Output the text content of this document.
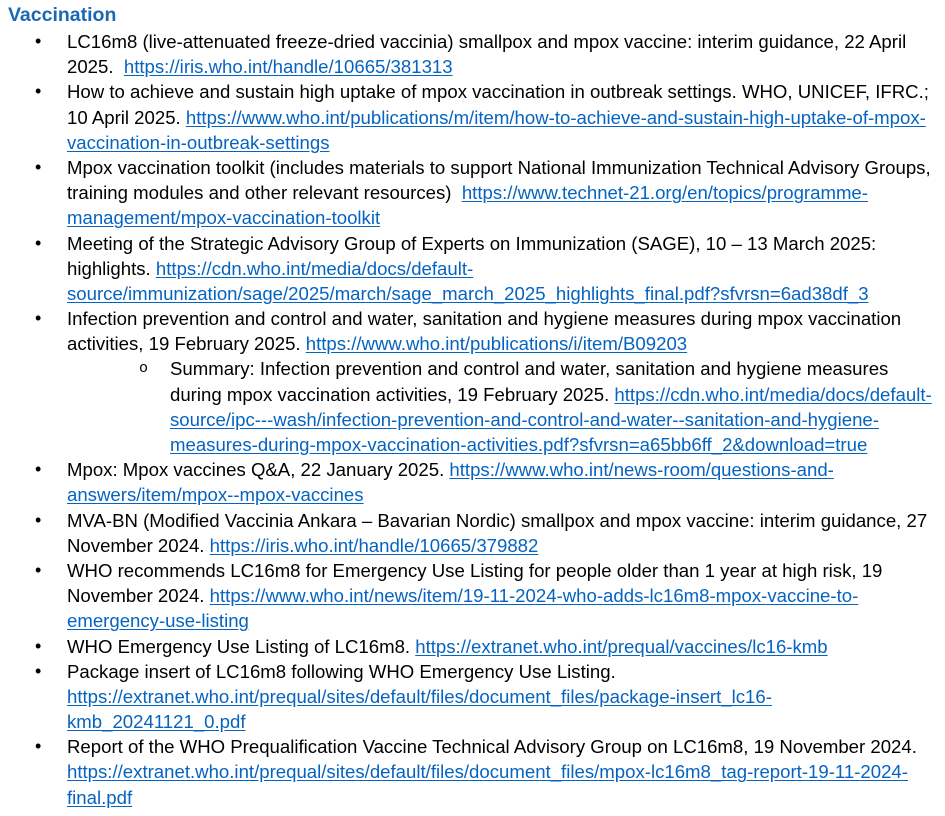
Vaccination
• LC16m8 (live-attenuated freeze-dried vaccinia) smallpox and mpox vaccine: interim guidance, 22 April
2025.  https://iris.who.int/handle/10665/381313
• How to achieve and sustain high uptake of mpox vaccination in outbreak settings. WHO, UNICEF, IFRC.;
10 April 2025. https://www.who.int/publications/m/item/how-to-achieve-and-sustain-high-uptake-of-mpox-
vaccination-in-outbreak-settings
• Mpox vaccination toolkit (includes materials to support National Immunization Technical Advisory Groups,
training modules and other relevant resources)  https://www.technet-21.org/en/topics/programme-
management/mpox-vaccination-toolkit
• Meeting of the Strategic Advisory Group of Experts on Immunization (SAGE), 10 – 13 March 2025:
highlights. https://cdn.who.int/media/docs/default-
source/immunization/sage/2025/march/sage_march_2025_highlights_final.pdf?sfvrsn=6ad38df_3
• Infection prevention and control and water, sanitation and hygiene measures during mpox vaccination
activities, 19 February 2025. https://www.who.int/publications/i/item/B09203
o Summary: Infection prevention and control and water, sanitation and hygiene measures
during mpox vaccination activities, 19 February 2025. https://cdn.who.int/media/docs/default-
source/ipc---wash/infection-prevention-and-control-and-water--sanitation-and-hygiene-
measures-during-mpox-vaccination-activities.pdf?sfvrsn=a65bb6ff_2&download=true
• Mpox: Mpox vaccines Q&A, 22 January 2025. https://www.who.int/news-room/questions-and-
answers/item/mpox--mpox-vaccines
• MVA-BN (Modified Vaccinia Ankara – Bavarian Nordic) smallpox and mpox vaccine: interim guidance, 27
November 2024. https://iris.who.int/handle/10665/379882
• WHO recommends LC16m8 for Emergency Use Listing for people older than 1 year at high risk, 19
November 2024. https://www.who.int/news/item/19-11-2024-who-adds-lc16m8-mpox-vaccine-to-
emergency-use-listing
• WHO Emergency Use Listing of LC16m8. https://extranet.who.int/prequal/vaccines/lc16-kmb
• Package insert of LC16m8 following WHO Emergency Use Listing.
https://extranet.who.int/prequal/sites/default/files/document_files/package-insert_lc16-
kmb_20241121_0.pdf
• Report of the WHO Prequalification Vaccine Technical Advisory Group on LC16m8, 19 November 2024.
https://extranet.who.int/prequal/sites/default/files/document_files/mpox-lc16m8_tag-report-19-11-2024-
final.pdf
